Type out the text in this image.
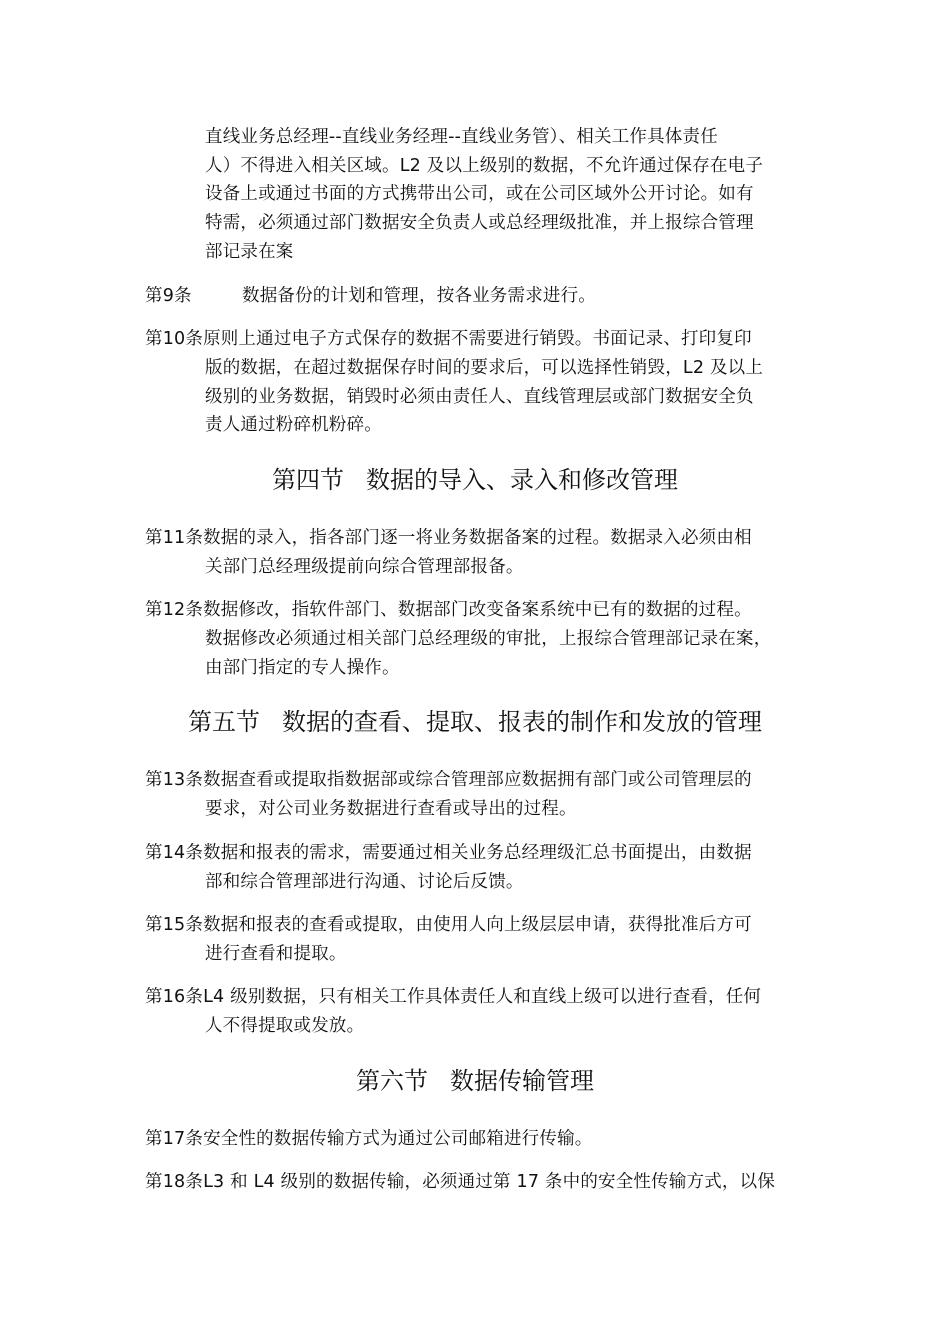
直线业务总经理--直线业务经理--直线业务管）、相关工作具体责任
人）不得进入相关区域。L2 及以上级别的数据，不允许通过保存在电子
设备上或通过书面的方式携带出公司，或在公司区域外公开讨论。如有
特需，必须通过部门数据安全负责人或总经理级批准，并上报综合管理
部记录在案
第9条	数据备份的计划和管理，按各业务需求进行。
第10条原则上通过电子方式保存的数据不需要进行销毁。书面记录、打印复印
版的数据，在超过数据保存时间的要求后，可以选择性销毁，L2 及以上
级别的业务数据，销毁时必须由责任人、直线管理层或部门数据安全负
责人通过粉碎机粉碎。
第四节 数据的导入、录入和修改管理
第11条数据的录入，指各部门逐一将业务数据备案的过程。数据录入必须由相
关部门总经理级提前向综合管理部报备。
第12条数据修改，指软件部门、数据部门改变备案系统中已有的数据的过程。
数据修改必须通过相关部门总经理级的审批，上报综合管理部记录在案，
由部门指定的专人操作。
第五节 数据的查看、提取、报表的制作和发放的管理
第13条数据查看或提取指数据部或综合管理部应数据拥有部门或公司管理层的
要求，对公司业务数据进行查看或导出的过程。
第14条数据和报表的需求，需要通过相关业务总经理级汇总书面提出，由数据
部和综合管理部进行沟通、讨论后反馈。
第15条数据和报表的查看或提取，由使用人向上级层层申请，获得批准后方可
进行查看和提取。
第16条L4 级别数据，只有相关工作具体责任人和直线上级可以进行查看，任何
人不得提取或发放。
第六节 数据传输管理
第17条安全性的数据传输方式为通过公司邮箱进行传输。
第18条L3 和 L4 级别的数据传输，必须通过第 17 条中的安全性传输方式，以保
